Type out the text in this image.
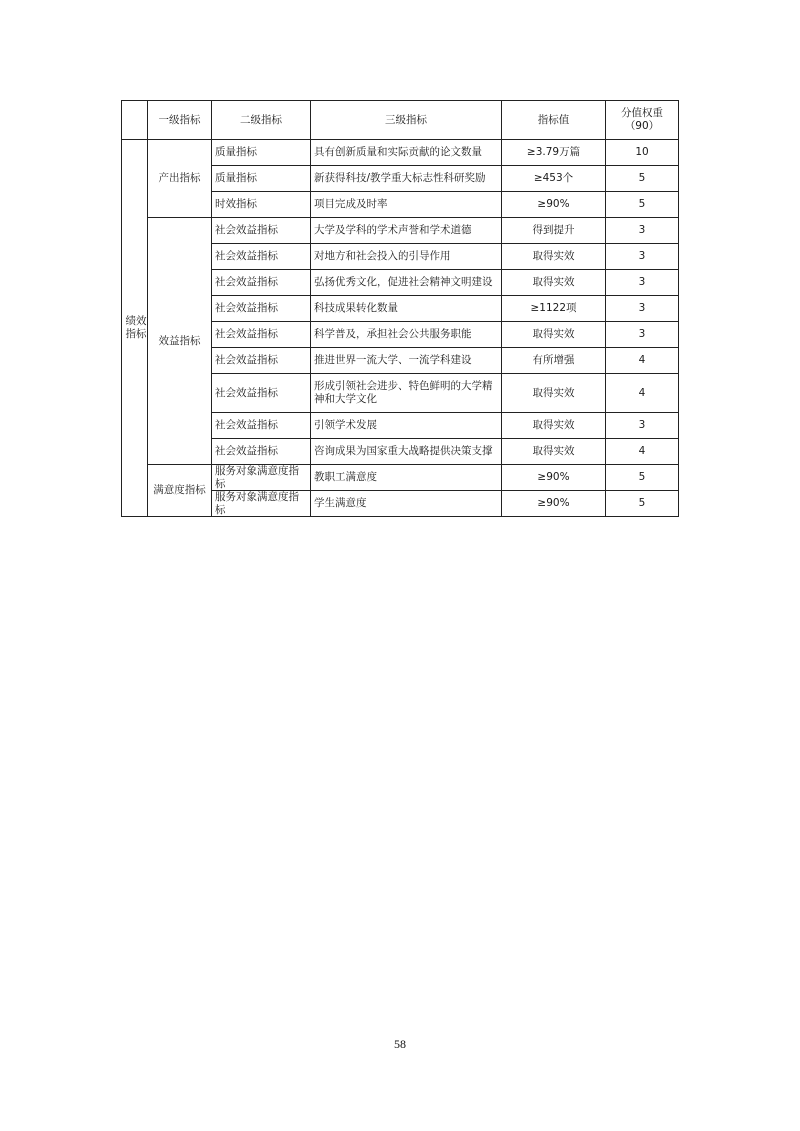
	一级指标	二级指标	三级指标	指标值	分值权重
（90）

绩效指标	产出指标	质量指标	具有创新质量和实际贡献的论文数量	≥3.79万篇	10
		质量指标	新获得科技/教学重大标志性科研奖励	≥453个	5
		时效指标	项目完成及时率	≥90%	5
	效益指标	社会效益指标	大学及学科的学术声誉和学术道德	得到提升	3
		社会效益指标	对地方和社会投入的引导作用	取得实效	3
		社会效益指标	弘扬优秀文化，促进社会精神文明建设	取得实效	3
		社会效益指标	科技成果转化数量	≥1122项	3
		社会效益指标	科学普及，承担社会公共服务职能	取得实效	3
		社会效益指标	推进世界一流大学、一流学科建设	有所增强	4
		社会效益指标	形成引领社会进步、特色鲜明的大学精神和大学文化	取得实效	4
		社会效益指标	引领学术发展	取得实效	3
		社会效益指标	咨询成果为国家重大战略提供决策支撑	取得实效	4
	满意度指标	服务对象满意度指标	教职工满意度	≥90%	5
		服务对象满意度指标	学生满意度	≥90%	5
58
